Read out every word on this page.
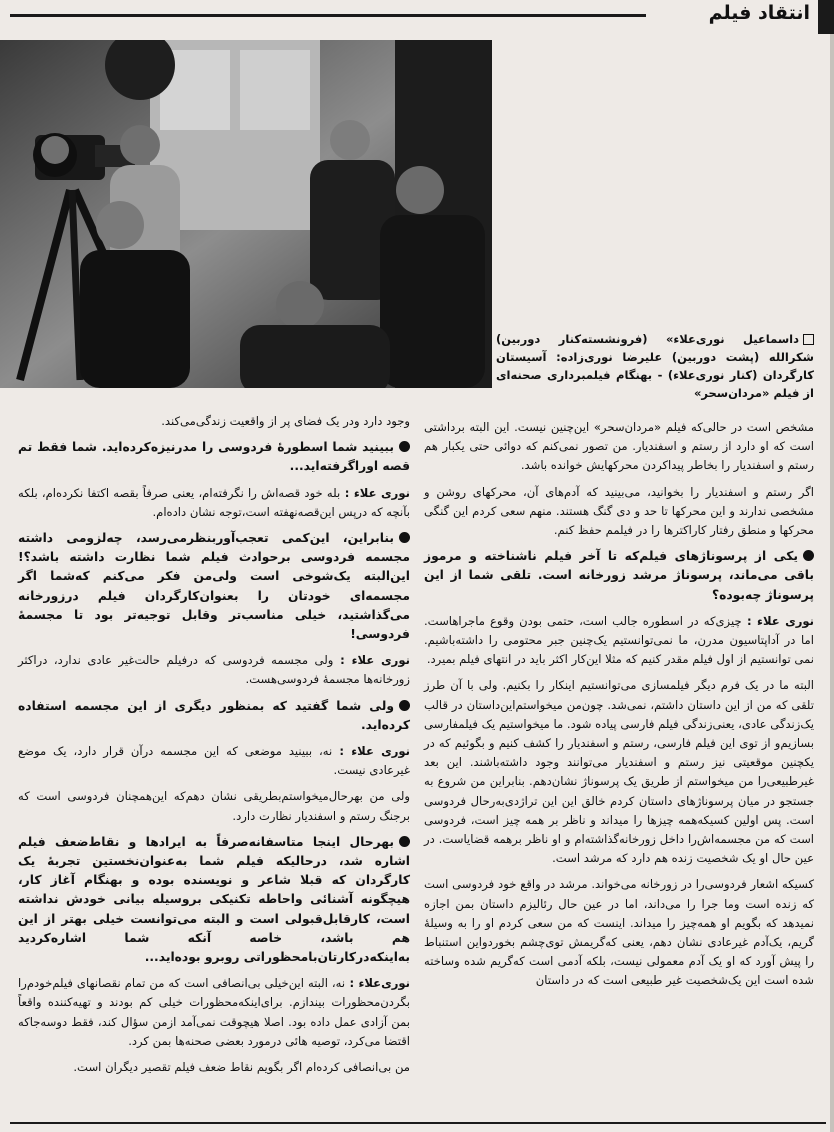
انتقاد فیلم
داسماعیل نوری‌علاء» (فرونشسته‌کنار دوربین) شکرالله (پشت دوربین) علیرضا نوری‌زاده: آسیستان کارگردان (کنار نوری‌علاء) - بهنگام فیلمبرداری صحنه‌ای از فیلم «مردان‌سحر»

مشخص است در حالی‌که فیلم «مردان‌سحر» این‌چنین نیست. این البته برداشتی است که او دارد از رستم و اسفندیار. من تصور نمی‌کنم که دوائی حتی یکبار هم رستم و اسفندیار را بخاطر پیداکردن محرکهایش خوانده باشد.

اگر رستم و اسفندیار را بخوانید، می‌بینید که آدم‌های آن، محرکهای روشن و مشخصی ندارند و این محرکها تا حد و دی گنگ هستند. منهم سعی کردم این گنگی محرکها و منطق رفتار کاراکترها را در فیلمم حفظ کنم.

یکی از پرسوناژهای فیلم‌که تا آخر فیلم ناشناخته و مرموز باقی می‌ماند، پرسوناژ مرشد زورخانه است. تلقی شما از این پرسوناژ چه‌بوده؟

نوری علاء : چیزی‌که در اسطوره جالب است، حتمی بودن وقوع ماجراهاست. اما در آداپتاسیون مدرن، ما نمی‌توانستیم یک‌چنین جبر محتومی را داشته‌باشیم. نمی توانستیم از اول فیلم مقدر کنیم که مثلا این‌کار اکثر باید در انتهای فیلم بمیرد.

البته ما در یک فرم دیگر فیلمسازی می‌توانستیم اینکار را بکنیم. ولی با آن طرز تلقی که من از این داستان داشتم، نمی‌شد. چون‌من میخواستم‌این‌داستان در قالب یک‌زندگی عادی، یعنی‌زندگی فیلم فارسی پیاده شود. ما میخواستیم یک فیلمفارسی بسازیم‌و از توی این فیلم فارسی، رستم و اسفندیار را کشف کنیم و بگوئیم که در یکچنین موقعیتی نیز رستم و اسفندیار می‌توانند وجود داشته‌باشند. این بعد غیرطبیعی‌را من میخواستم از طریق یک پرسوناژ نشان‌دهم. بنابراین من شروع به جستجو در میان پرسوناژهای داستان کردم خالق این این تراژدی‌به‌رحال فردوسی است. پس اولین کسیکه‌همه چیزها را میداند و ناظر بر همه چیز است، فردوسی است که من مجسمه‌اش‌را داخل زورخانه‌گذاشته‌ام و او ناظر برهمه قضایاست. در عین حال او یک شخصیت زنده هم دارد که مرشد است.

کسیکه اشعار فردوسی‌را در زورخانه می‌خواند. مرشد در واقع خود فردوسی است که زنده است وما جرا را می‌داند، اما در عین حال رئالیزم داستان بمن اجازه نمیدهد که بگویم او همه‌چیز را میداند. اینست که من سعی کردم او را به وسیلهٔ گریم، یک‌آدم غیرعادی نشان دهم، یعنی که‌گریمش توی‌چشم بخورد‌واین استنباط را پیش آورد که او یک آدم معمولی نیست، بلکه آدمی است که‌گریم شده وساخته شده است این یک‌شخصیت غیر طبیعی است که در داستان

وجود دارد ودر یک فضای پر از واقعیت زندگی‌می‌کند.

ببینید شما اسطورهٔ فردوسی را مدرنیزه‌کرده‌اید. شما فقط تم قصه اوراگرفته‌اید...

نوری علاء : بله خود قصه‌اش را نگرفته‌ام، یعنی صرفاً بقصه اکتفا نکرده‌ام، بلکه بآنچه که درپس این‌قصه‌نهفته است،توجه نشان داده‌ام.

بنابراین، این‌کمی تعجب‌آوربنظرمی‌رسد، چه‌لزومی داشته مجسمه فردوسی بر‌حوادث فیلم شما نظارت داشته باشد؟! این‌البته یک‌شوخی است ولی‌من فکر می‌کنم که‌شما اگر مجسمه‌ای خودتان را بعنوان‌کارگردان فیلم درزورخانه می‌گذاشتید، خیلی مناسب‌تر وقابل توجیه‌تر بود تا مجسمهٔ فردوسی!

نوری علاء : ولی مجسمه فردوسی که درفیلم حالت‌غیر عادی ندارد، دراکثر زورخانه‌ها مجسمهٔ فردوسی‌هست.

ولی شما گفتید که بمنظور دیگری از این مجسمه استفاده کرده‌اید.

نوری علاء : نه، ببینید موضعی که این مجسمه درآن قرار دارد، یک موضع غیرعادی نیست.

ولی من بهرحال‌میخواستم‌بطریقی نشان دهم‌که این‌همچنان فردوسی است که برجنگ رستم و اسفندیار نظارت دارد.

بهرحال اینجا متاسفانه‌صرفاً به ایرادها و نقاط‌ضعف فیلم اشاره شد، درحالیکه فیلم شما به‌عنوان‌نخستین تجربهٔ یک کارگردان که قبلا شاعر و نویسنده بوده و بهنگام آغاز کار، هیچگونه آشنائی واحاطه تکنیکی بروسیله بیانی خودش نداشته است، کارقابل‌قبولی است و البته می‌توانست خیلی بهتر از این هم باشد، خاصه آنکه شما اشاره‌کردید به‌اینکه‌درکارتان‌بامحظوراتی روبرو بوده‌اید...

نوری‌علاء : نه، البته این‌خیلی بی‌انصافی است که من تمام نقصانهای فیلم‌خودم‌را بگردن‌محظورات بیندازم. برای‌اینکه‌محظورات خیلی کم بودند و تهیه‌کننده واقعاً بمن آزادی عمل داده بود. اصلا هیچوقت نمی‌آمد ازمن سؤال کند، فقط دوسه‌جاکه اقتضا می‌کرد، توصیه هائی درمورد بعضی صحنه‌ها بمن کرد.

من بی‌انصافی کرده‌ام اگر بگویم نقاط ضعف فیلم تقصیر دیگران است.
